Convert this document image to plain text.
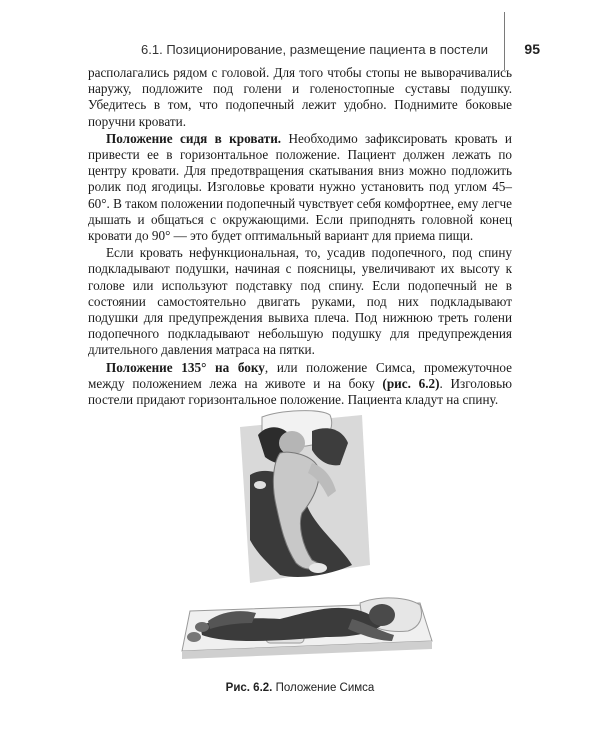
6.1. Позиционирование, размещение пациента в постели	95

располагались рядом с головой. Для того чтобы стопы не выворачивались наружу, подложите под голени и голеностопные суставы подушку. Убедитесь в том, что подопечный лежит удобно. Поднимите боковые поручни кровати.

Положение сидя в кровати. Необходимо зафиксировать кровать и привести ее в горизонтальное положение. Пациент должен лежать по центру кровати. Для предотвращения скатывания вниз можно подложить ролик под ягодицы. Изголовье кровати нужно установить под углом 45–60°. В таком положении подопечный чувствует себя комфортнее, ему легче дышать и общаться с окружающими. Если приподнять головной конец кровати до 90° — это будет оптимальный вариант для приема пищи.

Если кровать нефункциональная, то, усадив подопечного, под спину подкладывают подушки, начиная с поясницы, увеличивают их высоту к голове или используют подставку под спину. Если подопечный не в состоянии самостоятельно двигать руками, под них подкладывают подушки для предупреждения вывиха плеча. Под нижнюю треть голени подопечного подкладывают небольшую подушку для предупреждения длительного давления матраса на пятки.

Положение 135° на боку, или положение Симса, промежуточное между положением лежа на животе и на боку (рис. 6.2). Изголовью постели придают горизонтальное положение. Пациента кладут на спину.

Рис. 6.2. Положение Симса
